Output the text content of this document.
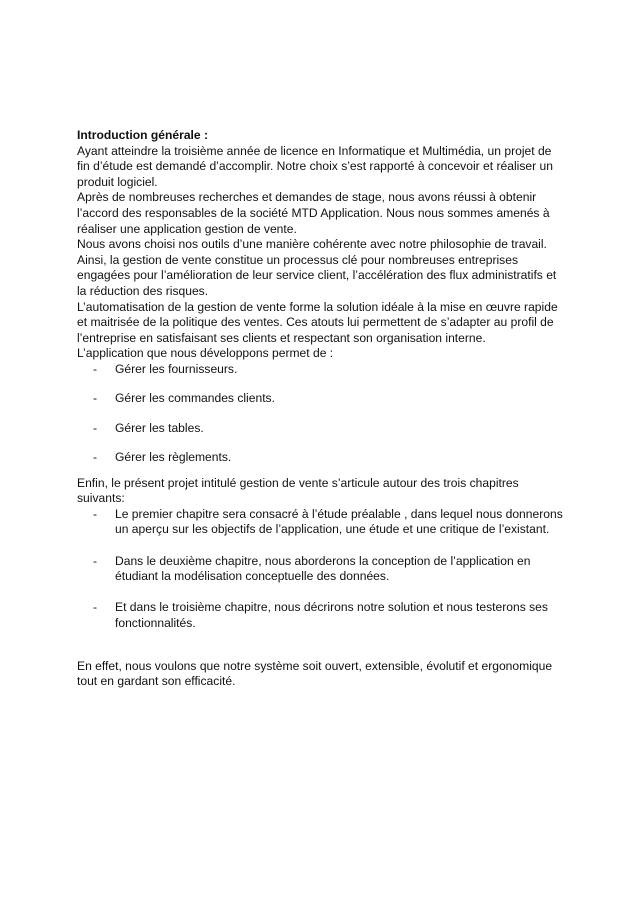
Introduction générale :
Ayant atteindre la troisième année de licence en Informatique et Multimédia, un projet de fin d’étude est demandé d’accomplir. Notre choix s’est rapporté à concevoir et réaliser un produit logiciel.
Après de nombreuses recherches et demandes de stage, nous avons réussi à obtenir l’accord des responsables de la société MTD Application. Nous nous sommes amenés à réaliser une application gestion de vente.
Nous avons choisi nos outils d’une manière cohérente avec notre philosophie de travail.
Ainsi, la gestion de vente constitue un processus clé pour nombreuses entreprises engagées pour l’amélioration de leur service client, l’accélération des flux administratifs et la réduction des risques.
L’automatisation de la gestion de vente forme la solution idéale à la mise en œuvre rapide et maitrisée de la politique des ventes. Ces atouts lui permettent de s’adapter au profil de l’entreprise en satisfaisant ses clients et respectant son organisation interne.
L’application que nous développons permet de :
- Gérer les fournisseurs.
- Gérer les commandes clients.
- Gérer les tables.
- Gérer les règlements.
Enfin, le présent projet intitulé gestion de vente s’articule autour des trois chapitres suivants:
- Le premier chapitre sera consacré à l’étude préalable , dans lequel nous donnerons un aperçu sur les objectifs de l’application, une étude et une critique de l’existant.
- Dans le deuxième chapitre, nous aborderons la conception de l’application en étudiant la modélisation conceptuelle des données.
- Et dans le troisième chapitre, nous décrirons notre solution et nous testerons ses fonctionnalités.
En effet, nous voulons que notre système soit ouvert, extensible, évolutif et ergonomique tout en gardant son efficacité.
